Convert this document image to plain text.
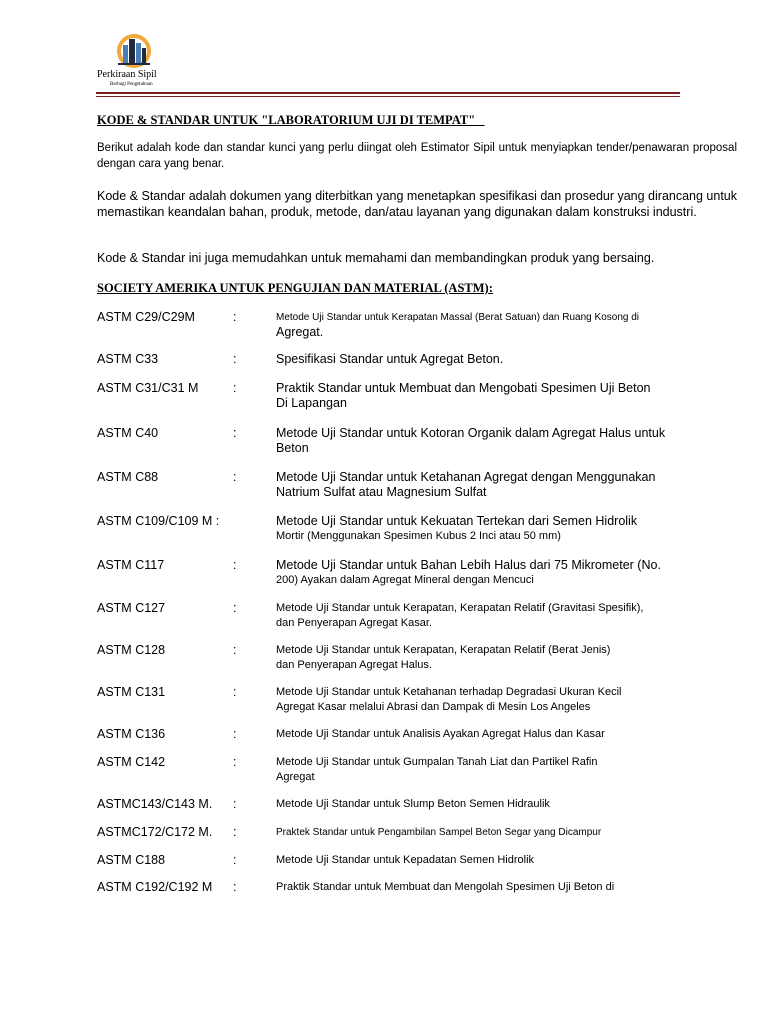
Perkiraan Sipil
Berbagi Pengetahuan
KODE & STANDAR UNTUK "LABORATORIUM UJI DI TEMPAT"

Berikut adalah kode dan standar kunci yang perlu diingat oleh Estimator Sipil untuk menyiapkan tender/penawaran proposal dengan cara yang benar.

Kode & Standar adalah dokumen yang diterbitkan yang menetapkan spesifikasi dan prosedur yang dirancang untuk memastikan keandalan bahan, produk, metode, dan/atau layanan yang digunakan dalam konstruksi industri.

Kode & Standar ini juga memudahkan untuk memahami dan membandingkan produk yang bersaing.

SOCIETY AMERIKA UNTUK PENGUJIAN DAN MATERIAL (ASTM):
ASTM C29/C29M	:	Metode Uji Standar untuk Kerapatan Massal (Berat Satuan) dan Ruang Kosong di
Agregat.
ASTM C33	:	Spesifikasi Standar untuk Agregat Beton.
ASTM C31/C31 M	:	Praktik Standar untuk Membuat dan Mengobati Spesimen Uji Beton
Di Lapangan
ASTM C40	:	Metode Uji Standar untuk Kotoran Organik dalam Agregat Halus untuk
Beton
ASTM C88	:	Metode Uji Standar untuk Ketahanan Agregat dengan Menggunakan
Natrium Sulfat atau Magnesium Sulfat
ASTM C109/C109 M :	Metode Uji Standar untuk Kekuatan Tertekan dari Semen Hidrolik
Mortir (Menggunakan Spesimen Kubus 2 Inci atau 50 mm)
ASTM C117	:	Metode Uji Standar untuk Bahan Lebih Halus dari 75 Mikrometer (No.
200) Ayakan dalam Agregat Mineral dengan Mencuci
ASTM C127	:	Metode Uji Standar untuk Kerapatan, Kerapatan Relatif (Gravitasi Spesifik),
dan Penyerapan Agregat Kasar.
ASTM C128	:	Metode Uji Standar untuk Kerapatan, Kerapatan Relatif (Berat Jenis)
dan Penyerapan Agregat Halus.
ASTM C131	:	Metode Uji Standar untuk Ketahanan terhadap Degradasi Ukuran Kecil
Agregat Kasar melalui Abrasi dan Dampak di Mesin Los Angeles
ASTM C136	:	Metode Uji Standar untuk Analisis Ayakan Agregat Halus dan Kasar
ASTM C142	:	Metode Uji Standar untuk Gumpalan Tanah Liat dan Partikel Rafin
Agregat
ASTMC143/C143 M. :	Metode Uji Standar untuk Slump Beton Semen Hidraulik
ASTMC172/C172 M. :	Praktek Standar untuk Pengambilan Sampel Beton Segar yang Dicampur
ASTM C188	:	Metode Uji Standar untuk Kepadatan Semen Hidrolik
ASTM C192/C192 M :	Praktik Standar untuk Membuat dan Mengolah Spesimen Uji Beton di
